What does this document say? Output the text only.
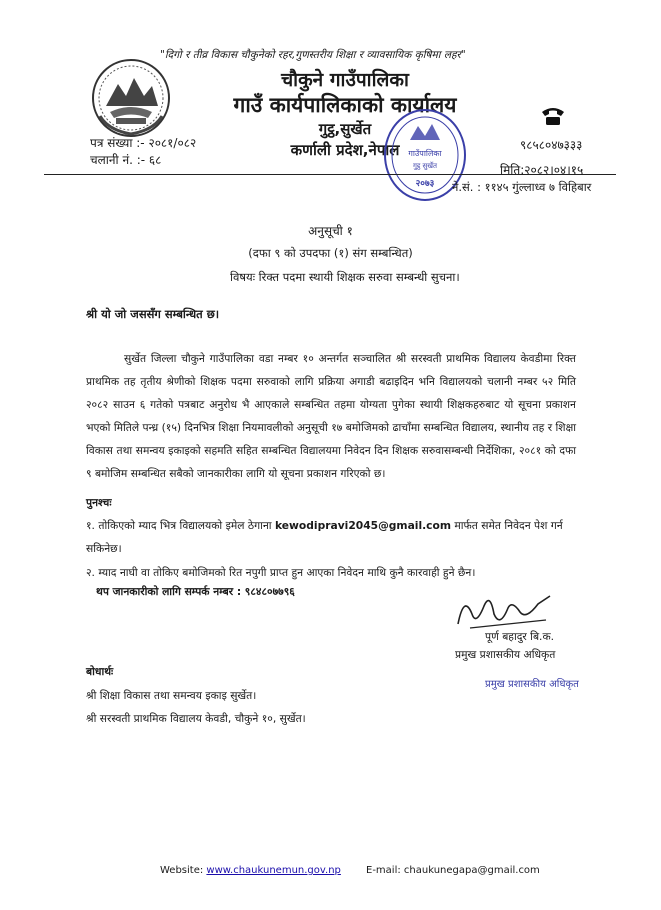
"दिगो र तीव्र विकास चौकुनेको रहर,गुणस्तरीय शिक्षा र व्यावसायिक कृषिमा लहर"
चौकुने गाउँपालिका
गाउँ कार्यपालिकाको कार्यालय
गुट्ठ,सुर्खेत
कर्णाली प्रदेश,नेपाल	गाउँपालिका
गुट्ठ सुर्खेत
२०७३
९८५८०४७३३३
पत्र संख्या :- २०८१/०८२
चलानी नं. :- ६८
मिति:२०८२।०४।१५
ने.सं. : ११४५ गुंल्लाध्व ७ विहिबार
अनुसूची १
(दफा ९ को उपदफा (१) संग सम्बन्धित)
विषयः रिक्त पदमा स्थायी शिक्षक सरुवा सम्बन्धी सुचना।
श्री यो जो जससँग सम्बन्धित छ।
सुर्खेत जिल्ला चौकुने गाउँपालिका वडा नम्बर १० अन्तर्गत सञ्चालित श्री सरस्वती प्राथमिक विद्यालय केवडीमा रिक्त प्राथमिक तह तृतीय श्रेणीको शिक्षक पदमा सरुवाको लागि प्रक्रिया अगाडी बढाइदिन भनि विद्यालयको चलानी नम्बर ५२ मिति २०८२ साउन ६ गतेको पत्रबाट अनुरोध भै आएकाले सम्बन्धित तहमा योग्यता पुगेका स्थायी शिक्षकहरुबाट यो सूचना प्रकाशन भएको मितिले पन्ध्र (१५) दिनभित्र शिक्षा नियमावलीको अनुसूची १७ बमोजिमको ढाचाँमा सम्बन्धित विद्यालय, स्थानीय तह र शिक्षा विकास तथा समन्वय इकाइको सहमति सहित सम्बन्धित विद्यालयमा निवेदन दिन शिक्षक सरुवासम्बन्धी निर्देशिका, २०८१ को दफा ९ बमोजिम सम्बन्धित सबैको जानकारीका लागि यो सूचना प्रकाशन गरिएको छ।
पुनश्चः
१. तोकिएको म्याद भित्र विद्यालयको इमेल ठेगाना kewodipravi2045@gmail.com मार्फत समेत निवेदन पेश गर्न
सकिनेछ।
२. म्याद नाघी वा तोकिए बमोजिमको रित नपुगी प्राप्त हुन आएका निवेदन माथि कुनै कारवाही हुने छैन।
थप जानकारीको लागि सम्पर्क नम्बर : ९८४८०७७९६
पूर्ण बहादुर बि.क.
प्रमुख प्रशासकीय अधिकृत
प्रमुख प्रशासकीय अधिकृत
बोधार्थः
श्री शिक्षा विकास तथा समन्वय इकाइ सुर्खेत।
श्री सरस्वती प्राथमिक विद्यालय केवडी, चौकुने १०, सुर्खेत।
Website: www.chaukunemun.gov.np	E-mail: chaukunegapa@gmail.com
